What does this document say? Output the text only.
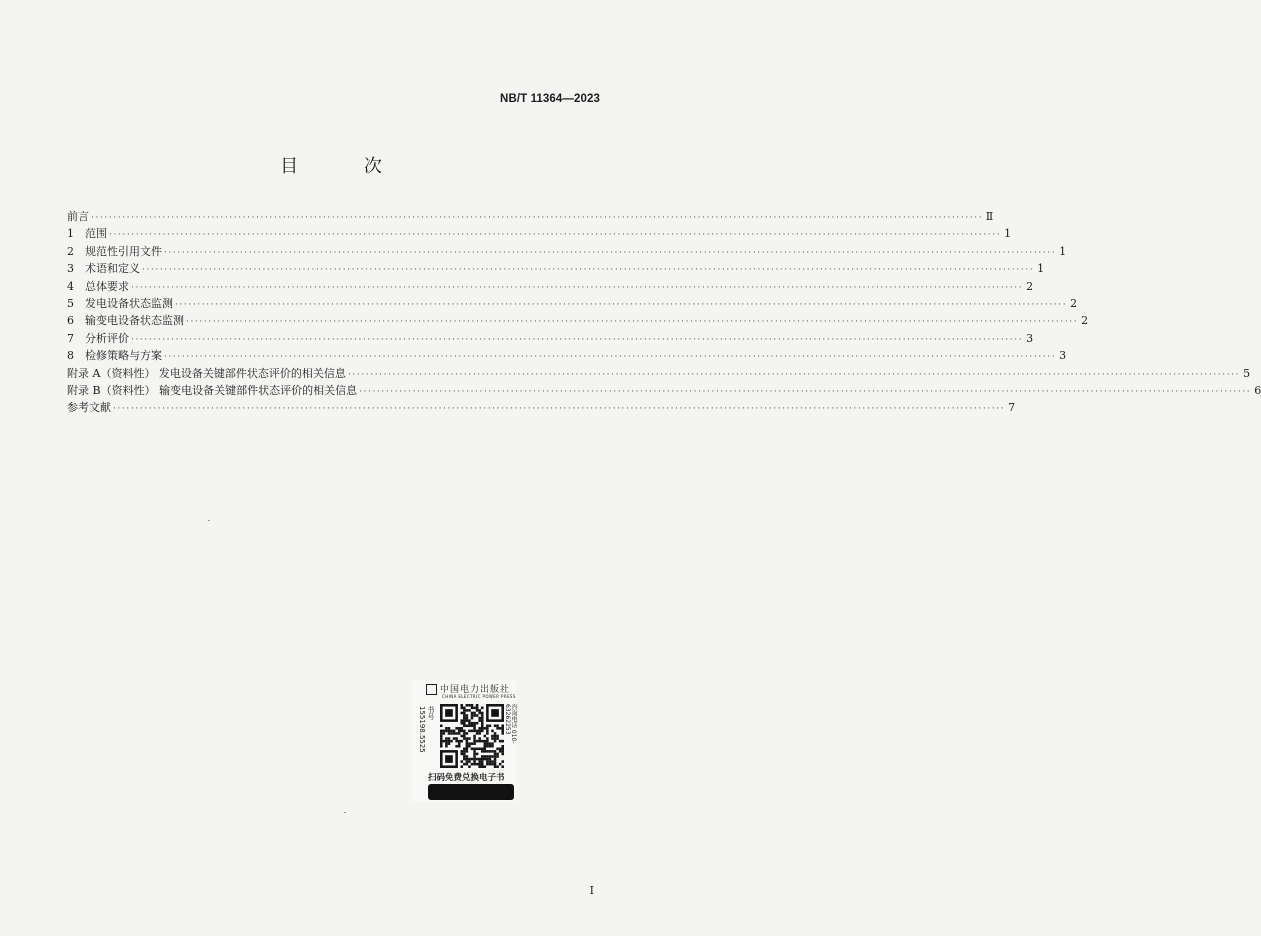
NB/T 11364—2023
目 次
前言 ········································································································································································································ Ⅱ
1	范围 ········································································································································································································ 1
2	规范性引用文件 ········································································································································································································ 1
3	术语和定义 ········································································································································································································ 1
4	总体要求 ········································································································································································································ 2
5	发电设备状态监测 ········································································································································································································ 2
6	输变电设备状态监测 ········································································································································································································ 2
7	分析评价 ········································································································································································································ 3
8	检修策略与方案 ········································································································································································································ 3
附录 A（资料性） 发电设备关键部件状态评价的相关信息 ········································································································································································································ 5
附录 B（资料性） 输变电设备关键部件状态评价的相关信息 ········································································································································································································ 6
参考文献 ········································································································································································································ 7
中国电力出版社
CHINA ELECTRIC POWER PRESS
书号 155198.5525	咨询电话 010-63262253
扫码免费兑换电子书
I
